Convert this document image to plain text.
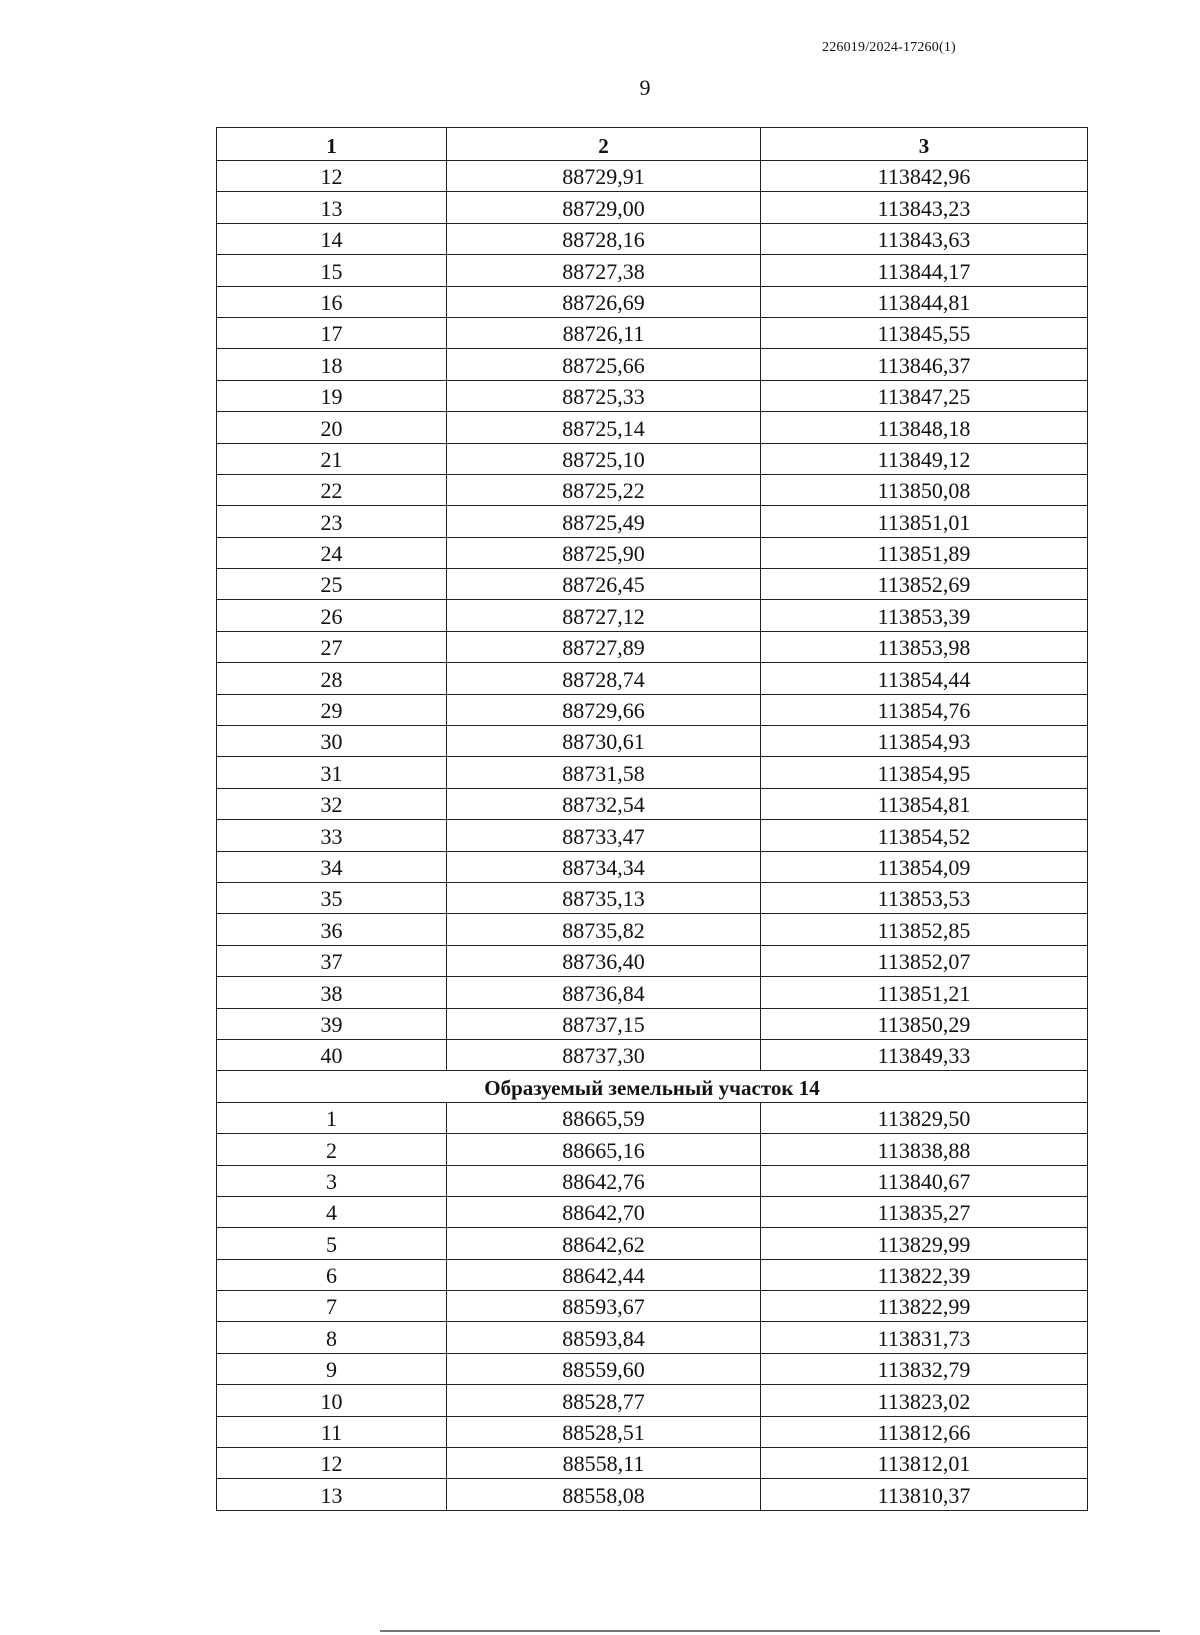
226019/2024-17260(1)
9
1	2	3
12	88729,91	113842,96
13	88729,00	113843,23
14	88728,16	113843,63
15	88727,38	113844,17
16	88726,69	113844,81
17	88726,11	113845,55
18	88725,66	113846,37
19	88725,33	113847,25
20	88725,14	113848,18
21	88725,10	113849,12
22	88725,22	113850,08
23	88725,49	113851,01
24	88725,90	113851,89
25	88726,45	113852,69
26	88727,12	113853,39
27	88727,89	113853,98
28	88728,74	113854,44
29	88729,66	113854,76
30	88730,61	113854,93
31	88731,58	113854,95
32	88732,54	113854,81
33	88733,47	113854,52
34	88734,34	113854,09
35	88735,13	113853,53
36	88735,82	113852,85
37	88736,40	113852,07
38	88736,84	113851,21
39	88737,15	113850,29
40	88737,30	113849,33
Образуемый земельный участок 14		
1	88665,59	113829,50
2	88665,16	113838,88
3	88642,76	113840,67
4	88642,70	113835,27
5	88642,62	113829,99
6	88642,44	113822,39
7	88593,67	113822,99
8	88593,84	113831,73
9	88559,60	113832,79
10	88528,77	113823,02
11	88528,51	113812,66
12	88558,11	113812,01
13	88558,08	113810,37
